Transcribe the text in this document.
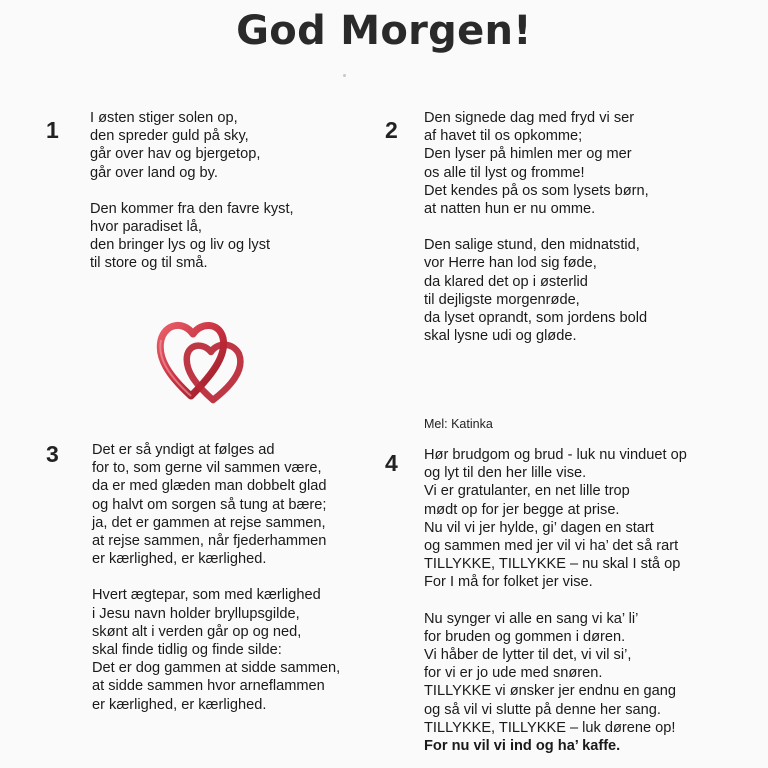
God Morgen!
1 I østen stiger solen op,
den spreder guld på sky,
går over hav og bjergetop,
går over land og by.
Den kommer fra den favre kyst,
hvor paradiset lå,
den bringer lys og liv og lyst
til store og til små.
2 Den signede dag med fryd vi ser
af havet til os opkomme;
Den lyser på himlen mer og mer
os alle til lyst og fromme!
Det kendes på os som lysets børn,
at natten hun er nu omme.
Den salige stund, den midnatstid,
vor Herre han lod sig føde,
da klared det op i østerlid
til dejligste morgenrøde,
da lyset oprandt, som jordens bold
skal lysne udi og gløde.
Mel: Katinka
3 Det er så yndigt at følges ad
for to, som gerne vil sammen være,
da er med glæden man dobbelt glad
og halvt om sorgen så tung at bære;
ja, det er gammen at rejse sammen,
at rejse sammen, når fjederhammen
er kærlighed, er kærlighed.
Hvert ægtepar, som med kærlighed
i Jesu navn holder bryllupsgilde,
skønt alt i verden går op og ned,
skal finde tidlig og finde silde:
Det er dog gammen at sidde sammen,
at sidde sammen hvor arneflammen
er kærlighed, er kærlighed.
4 Hør brudgom og brud - luk nu vinduet op
og lyt til den her lille vise.
Vi er gratulanter, en net lille trop
mødt op for jer begge at prise.
Nu vil vi jer hylde, gi’ dagen en start
og sammen med jer vil vi ha’ det så rart
TILLYKKE, TILLYKKE – nu skal I stå op
For I må for folket jer vise.
Nu synger vi alle en sang vi ka’ li’
for bruden og gommen i døren.
Vi håber de lytter til det, vi vil si’,
for vi er jo ude med snøren.
TILLYKKE vi ønsker jer endnu en gang
og så vil vi slutte på denne her sang.
TILLYKKE, TILLYKKE – luk dørene op!
For nu vil vi ind og ha’ kaffe.
